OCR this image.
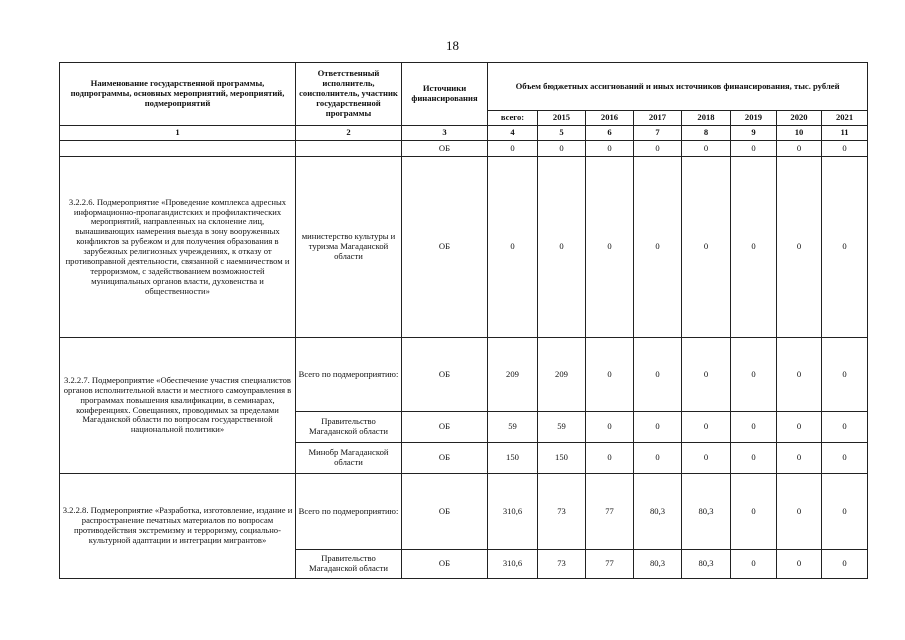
18
Наименование государственной программы, подпрограммы, основных мероприятий, мероприятий, подмероприятий	Ответственный исполнитель, соисполнитель, участник государственной программы	Источники финансирования	Объем бюджетных ассигнований и иных источников финансирования, тыс. рублей							
			всего:	2015	2016	2017	2018	2019	2020	2021
1	2	3	4	5	6	7	8	9	10	11
		ОБ	0	0	0	0	0	0	0	0
3.2.2.6. Подмероприятие «Проведение комплекса адресных информационно-пропагандистских и профилактических мероприятий, направленных на склонение лиц, вынашивающих намерения выезда в зону вооруженных конфликтов за рубежом и для получения образования в зарубежных религиозных учреждениях, к отказу от противоправной деятельности, связанной с наемничеством и терроризмом, с задействованием возможностей муниципальных органов власти, духовенства и общественности»	министерство культуры и туризма Магаданской области	ОБ	0	0	0	0	0	0	0	0
3.2.2.7. Подмероприятие «Обеспечение участия специалистов органов исполнительной власти и местного самоуправления в программах повышения квалификации, в семинарах, конференциях. Совещаниях, проводимых за пределами Магаданской области по вопросам государственной национальной политики»	Всего по подмероприятию:	ОБ	209	209	0	0	0	0	0	0
	Правительство Магаданской области	ОБ	59	59	0	0	0	0	0	0
	Минобр Магаданской области	ОБ	150	150	0	0	0	0	0	0
3.2.2.8. Подмероприятие «Разработка, изготовление, издание и распространение печатных материалов по вопросам противодействия экстремизму и терроризму, социально-культурной адаптации и интеграции мигрантов»	Всего по подмероприятию:	ОБ	310,6	73	77	80,3	80,3	0	0	0
	Правительство Магаданской области	ОБ	310,6	73	77	80,3	80,3	0	0	0
